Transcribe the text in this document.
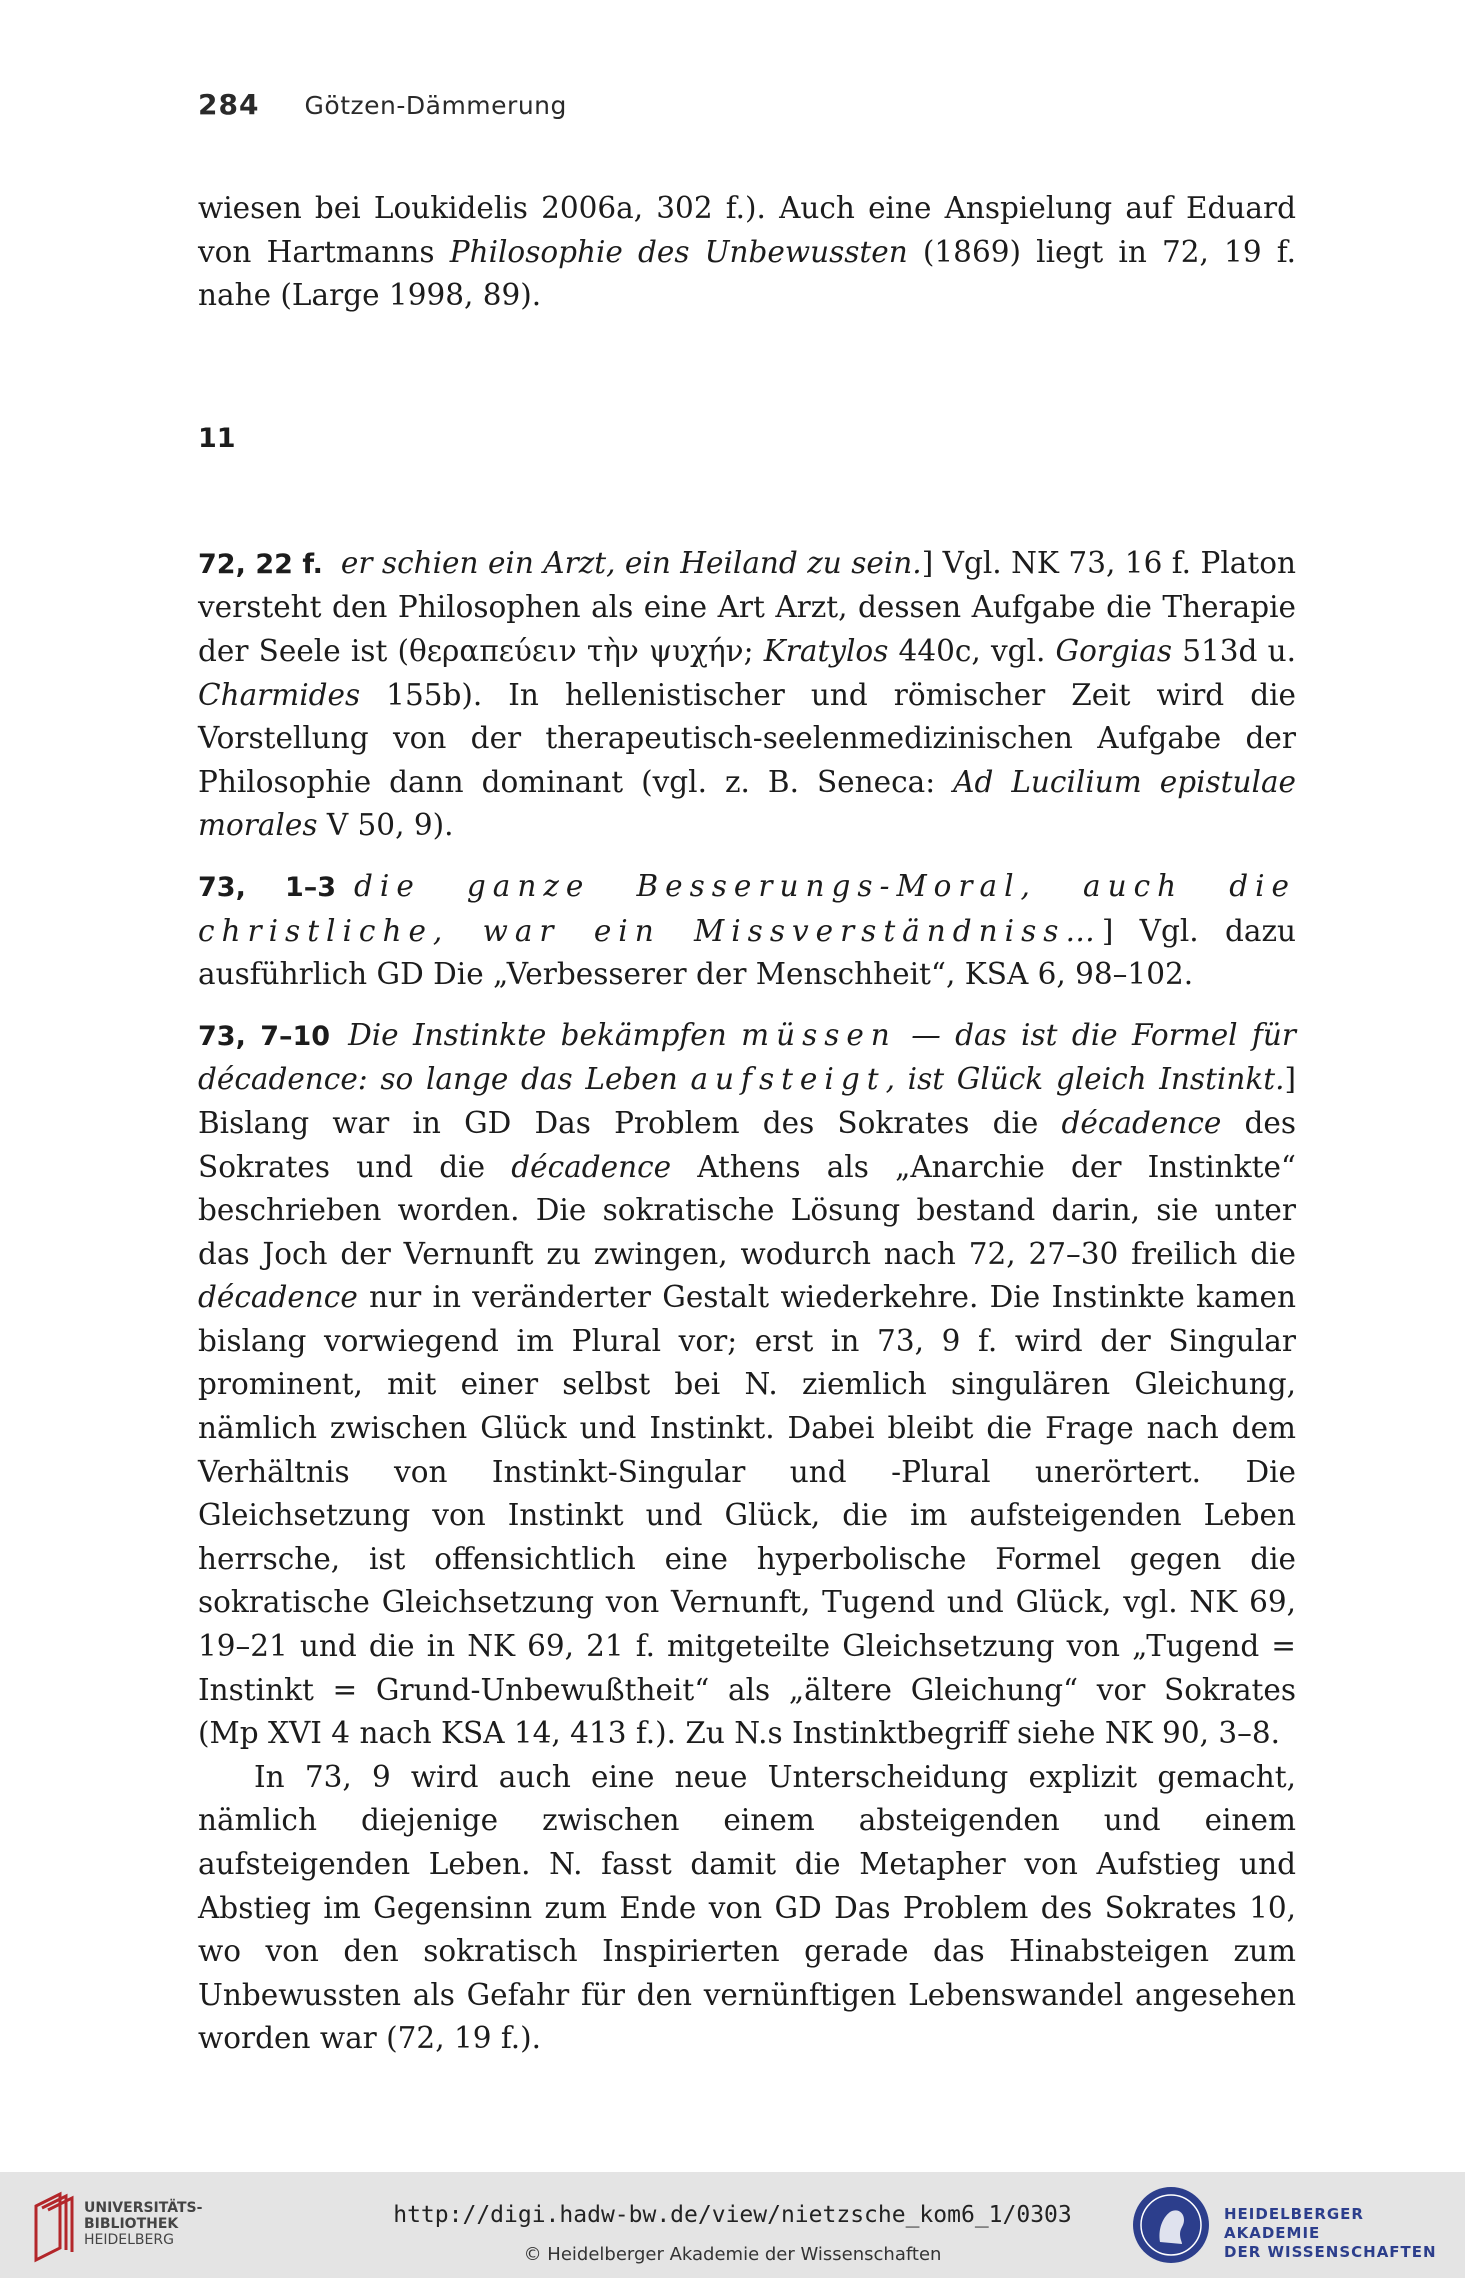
284 Götzen-Dämmerung

wiesen bei Loukidelis 2006a, 302 f.). Auch eine Anspielung auf Eduard von Hartmanns Philosophie des Unbewussten (1869) liegt in 72, 19 f. nahe (Large 1998, 89).

11

72, 22 f. er schien ein Arzt, ein Heiland zu sein.] Vgl. NK 73, 16 f. Platon versteht den Philosophen als eine Art Arzt, dessen Aufgabe die Therapie der Seele ist (θεραπεύειν τὴν ψυχήν; Kratylos 440c, vgl. Gorgias 513d u. Charmides 155b). In hellenistischer und römischer Zeit wird die Vorstellung von der therapeutisch-seelenmedizinischen Aufgabe der Philosophie dann dominant (vgl. z. B. Seneca: Ad Lucilium epistulae morales V 50, 9).

73, 1–3 die ganze Besserungs-Moral, auch die christliche, war ein Missverständniss…] Vgl. dazu ausführlich GD Die „Verbesserer der Menschheit“, KSA 6, 98–102.

73, 7–10 Die Instinkte bekämpfen müssen — das ist die Formel für décadence: so lange das Leben aufsteigt, ist Glück gleich Instinkt.] Bislang war in GD Das Problem des Sokrates die décadence des Sokrates und die décadence Athens als „Anarchie der Instinkte“ beschrieben worden. Die sokratische Lösung bestand darin, sie unter das Joch der Vernunft zu zwingen, wodurch nach 72, 27–30 freilich die décadence nur in veränderter Gestalt wiederkehre. Die Instinkte kamen bislang vorwiegend im Plural vor; erst in 73, 9 f. wird der Singular prominent, mit einer selbst bei N. ziemlich singulären Gleichung, nämlich zwischen Glück und Instinkt. Dabei bleibt die Frage nach dem Verhältnis von Instinkt-Singular und -Plural unerörtert. Die Gleichsetzung von Instinkt und Glück, die im aufsteigenden Leben herrsche, ist offensichtlich eine hyperbolische Formel gegen die sokratische Gleichsetzung von Vernunft, Tugend und Glück, vgl. NK 69, 19–21 und die in NK 69, 21 f. mitgeteilte Gleichsetzung von „Tugend = Instinkt = Grund-Unbewußtheit“ als „ältere Gleichung“ vor Sokrates (Mp XVI 4 nach KSA 14, 413 f.). Zu N.s Instinktbegriff siehe NK 90, 3–8.

In 73, 9 wird auch eine neue Unterscheidung explizit gemacht, nämlich diejenige zwischen einem absteigenden und einem aufsteigenden Leben. N. fasst damit die Metapher von Aufstieg und Abstieg im Gegensinn zum Ende von GD Das Problem des Sokrates 10, wo von den sokratisch Inspirierten gerade das Hinabsteigen zum Unbewussten als Gefahr für den vernünftigen Lebenswandel angesehen worden war (72, 19 f.).

UNIVERSITÄTS-
BIBLIOTHEK
HEIDELBERG
http://digi.hadw-bw.de/view/nietzsche_kom6_1/0303
© Heidelberger Akademie der Wissenschaften
HEIDELBERGER AKADEMIE
DER WISSENSCHAFTEN
